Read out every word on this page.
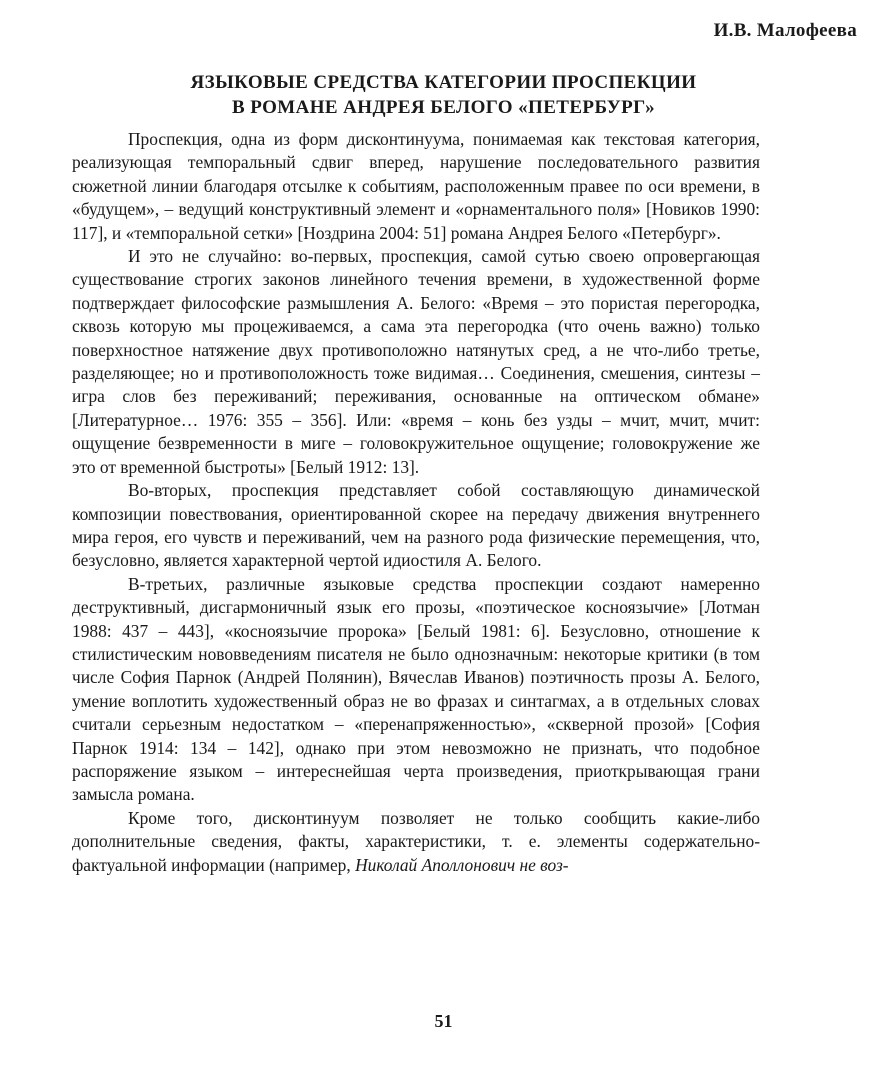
И.В. Малофеева
ЯЗЫКОВЫЕ СРЕДСТВА КАТЕГОРИИ ПРОСПЕКЦИИ
В РОМАНЕ АНДРЕЯ БЕЛОГО «ПЕТЕРБУРГ»

Проспекция, одна из форм дисконтинуума, понимаемая как текстовая категория, реализующая темпоральный сдвиг вперед, нарушение последовательного развития сюжетной линии благодаря отсылке к событиям, расположенным правее по оси времени, в «будущем», – ведущий конструктивный элемент и «орнаментального поля» [Новиков 1990: 117], и «темпоральной сетки» [Ноздрина 2004: 51] романа Андрея Белого «Петербург».

И это не случайно: во-первых, проспекция, самой сутью своею опровергающая существование строгих законов линейного течения времени, в художественной форме подтверждает философские размышления А. Белого: «Время – это пористая перегородка, сквозь которую мы процеживаемся, а сама эта перегородка (что очень важно) только поверхностное натяжение двух противоположно натянутых сред, а не что-либо третье, разделяющее; но и противоположность тоже видимая… Соединения, смешения, синтезы – игра слов без переживаний; переживания, основанные на оптическом обмане» [Литературное… 1976: 355 – 356]. Или: «время – конь без узды – мчит, мчит, мчит: ощущение безвременности в миге – головокружительное ощущение; головокружение же это от временной быстроты» [Белый 1912: 13].

Во-вторых, проспекция представляет собой составляющую динамической композиции повествования, ориентированной скорее на передачу движения внутреннего мира героя, его чувств и переживаний, чем на разного рода физические перемещения, что, безусловно, является характерной чертой идиостиля А. Белого.

В-третьих, различные языковые средства проспекции создают намеренно деструктивный, дисгармоничный язык его прозы, «поэтическое косноязычие» [Лотман 1988: 437 – 443], «косноязычие пророка» [Белый 1981: 6]. Безусловно, отношение к стилистическим нововведениям писателя не было однозначным: некоторые критики (в том числе София Парнок (Андрей Полянин), Вячеслав Иванов) поэтичность прозы А. Белого, умение воплотить художественный образ не во фразах и синтагмах, а в отдельных словах считали серьезным недостатком – «перенапряженностью», «скверной прозой» [София Парнок 1914: 134 – 142], однако при этом невозможно не признать, что подобное распоряжение языком – интереснейшая черта произведения, приоткрывающая грани замысла романа.

Кроме того, дисконтинуум позволяет не только сообщить какие-либо дополнительные сведения, факты, характеристики, т. е. элементы содержательно-фактуальной информации (например, Николай Аполлонович не воз-

51
